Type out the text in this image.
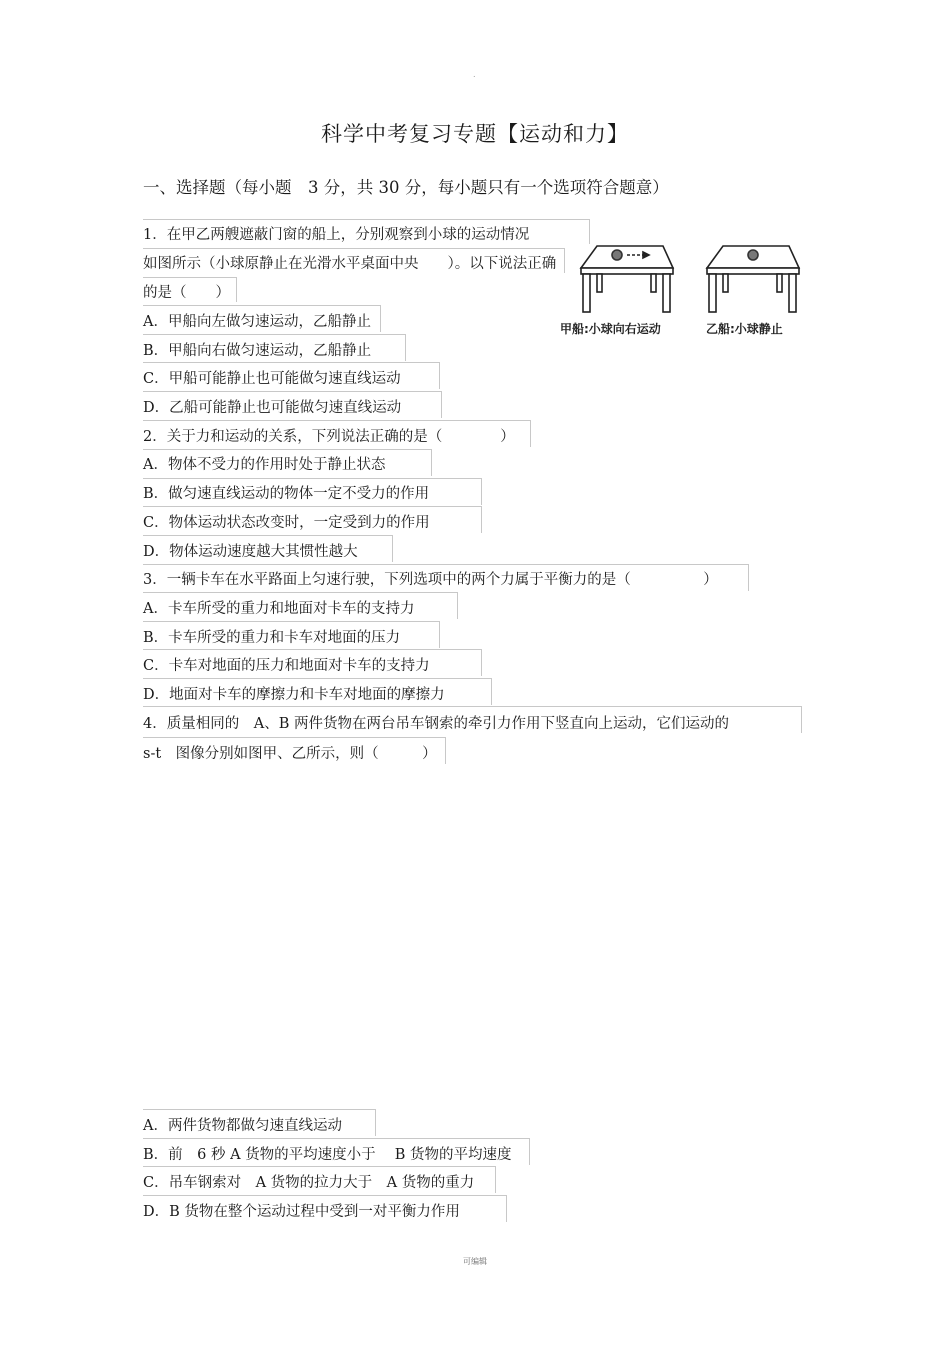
.
科学中考复习专题【运动和力】
一、选择题（每小题　3 分，共 30 分，每小题只有一个选项符合题意）
1．在甲乙两艘遮蔽门窗的船上，分别观察到小球的运动情况
如图所示（小球原静止在光滑水平桌面中央　　）。以下说法正确
的是（　　）
A．甲船向左做匀速运动，乙船静止
B．甲船向右做匀速运动，乙船静止
C．甲船可能静止也可能做匀速直线运动
D．乙船可能静止也可能做匀速直线运动
2．关于力和运动的关系，下列说法正确的是（　　　　）
A．物体不受力的作用时处于静止状态
B．做匀速直线运动的物体一定不受力的作用
C．物体运动状态改变时，一定受到力的作用
D．物体运动速度越大其惯性越大
3．一辆卡车在水平路面上匀速行驶，下列选项中的两个力属于平衡力的是（　　　　　）
A．卡车所受的重力和地面对卡车的支持力
B．卡车所受的重力和卡车对地面的压力
C．卡车对地面的压力和地面对卡车的支持力
D．地面对卡车的摩擦力和卡车对地面的摩擦力
4．质量相同的　A、B 两件货物在两台吊车钢索的牵引力作用下竖直向上运动，它们运动的
s-t　图像分别如图甲、乙所示，则（　　　）
A．两件货物都做匀速直线运动
B．前　6 秒 A 货物的平均速度小于　 B 货物的平均速度
C．吊车钢索对　A 货物的拉力大于　A 货物的重力
D．B 货物在整个运动过程中受到一对平衡力作用
甲船:小球向右运动	乙船:小球静止
可编辑
